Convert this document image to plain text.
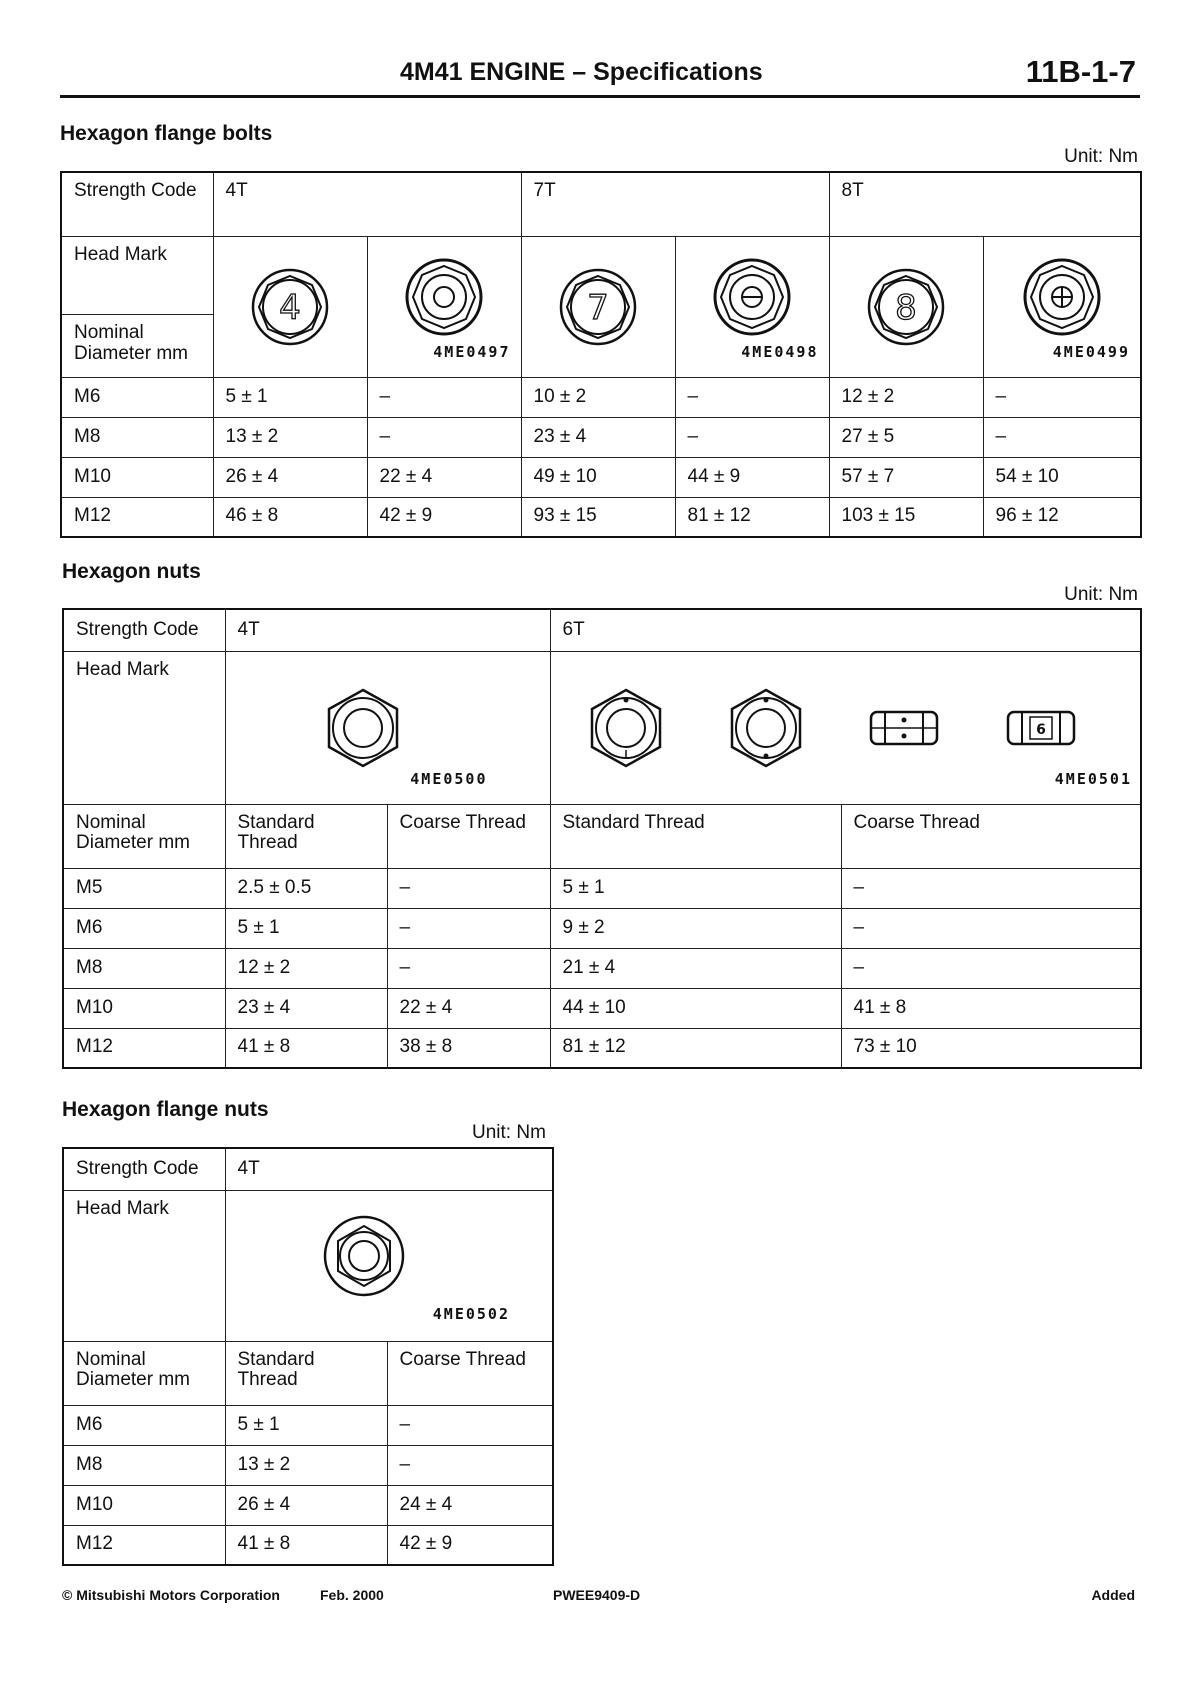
4M41 ENGINE – Specifications	11B-1-7
Hexagon flange bolts
Unit: Nm
Strength Code	4T		7T		8T	
Head Mark	4	4ME0497	7	4ME0498	8	4ME0499

Nominal Diameter mm						
M6	5 ± 1	–	10 ± 2	–	12 ± 2	–
M8	13 ± 2	–	23 ± 4	–	27 ± 5	–
M10	26 ± 4	22 ± 4	49 ± 10	44 ± 9	57 ± 7	54 ± 10
M12	46 ± 8	42 ± 9	93 ± 15	81 ± 12	103 ± 15	96 ± 12
Hexagon nuts
Unit: Nm
Strength Code	4T		6T	
Head Mark	4ME0500		6
4ME0501	

Nominal Diameter mm	Standard Thread	Coarse Thread	Standard Thread	Coarse Thread
M5	2.5 ± 0.5	–	5 ± 1	–
M6	5 ± 1	–	9 ± 2	–
M8	12 ± 2	–	21 ± 4	–
M10	23 ± 4	22 ± 4	44 ± 10	41 ± 8
M12	41 ± 8	38 ± 8	81 ± 12	73 ± 10
Hexagon flange nuts
Unit: Nm
Strength Code	4T	
Head Mark	4ME0502	

Nominal Diameter mm	Standard Thread	Coarse Thread
M6	5 ± 1	–
M8	13 ± 2	–
M10	26 ± 4	24 ± 4
M12	41 ± 8	42 ± 9
© Mitsubishi Motors Corporation	Feb. 2000	PWEE9409-D	Added
